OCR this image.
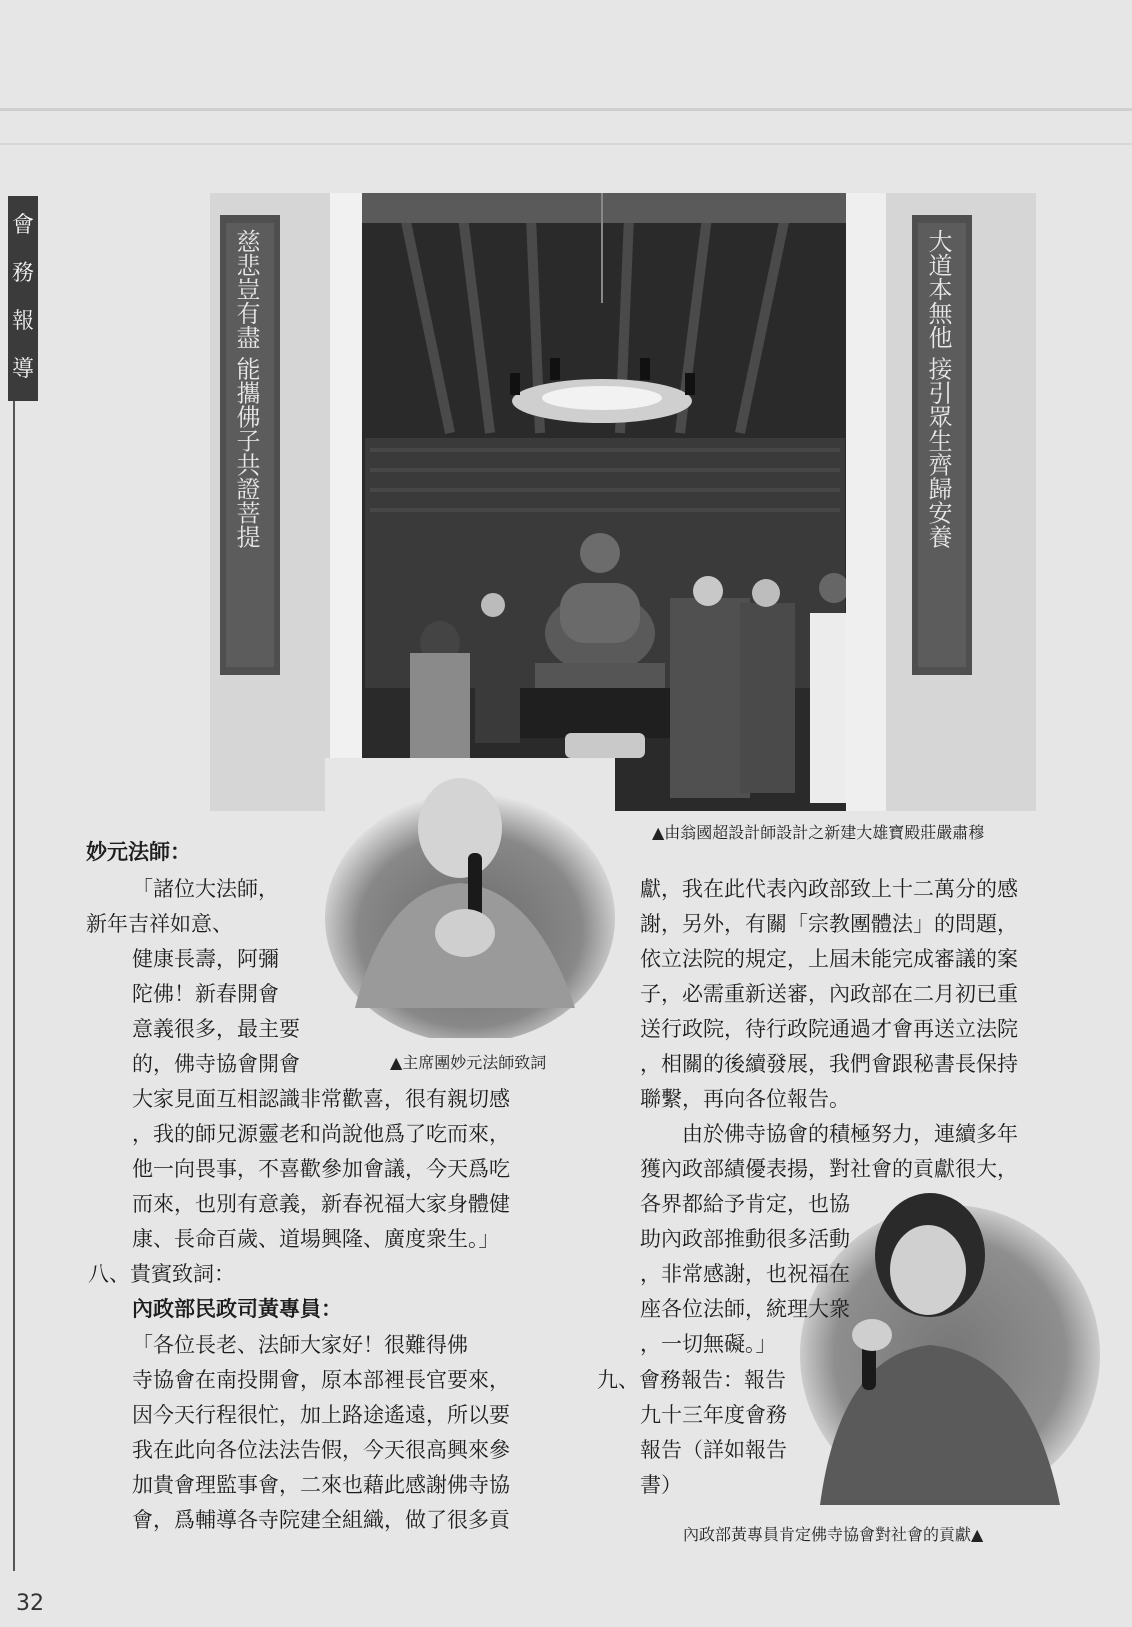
會
務
報
導	慈悲豈有盡 能攜佛子共證菩提	大道本無他 接引眾生齊歸安養
▲由翁國超設計師設計之新建大雄寶殿莊嚴肅穆
▲主席團妙元法師致詞
內政部黃專員肯定佛寺協會對社會的貢獻▲
妙元法師：
「諸位大法師，
新年吉祥如意、
健康長壽，阿彌
陀佛！新春開會
意義很多，最主要
的，佛寺協會開會
大家見面互相認識非常歡喜，很有親切感
，我的師兄源靈老和尚說他爲了吃而來，
他一向畏事，不喜歡參加會議，今天爲吃
而來，也別有意義，新春祝福大家身體健
康、長命百歲、道場興隆、廣度衆生。」
八、貴賓致詞：
內政部民政司黃專員：
「各位長老、法師大家好！很難得佛
寺協會在南投開會，原本部裡長官要來，
因今天行程很忙，加上路途遙遠，所以要
我在此向各位法法告假，今天很高興來參
加貴會理監事會，二來也藉此感謝佛寺協
會，爲輔導各寺院建全組織，做了很多貢
獻，我在此代表內政部致上十二萬分的感
謝，另外，有關「宗教團體法」的問題，
依立法院的規定，上屆未能完成審議的案
子，必需重新送審，內政部在二月初已重
送行政院，待行政院通過才會再送立法院
，相關的後續發展，我們會跟秘書長保持
聯繫，再向各位報告。
　　由於佛寺協會的積極努力，連續多年
獲內政部績優表揚，對社會的貢獻很大，
各界都給予肯定，也協
助內政部推動很多活動
，非常感謝，也祝福在
座各位法師，統理大衆
，一切無礙。」
九、會務報告：報告
九十三年度會務
報告（詳如報告
書）
32
